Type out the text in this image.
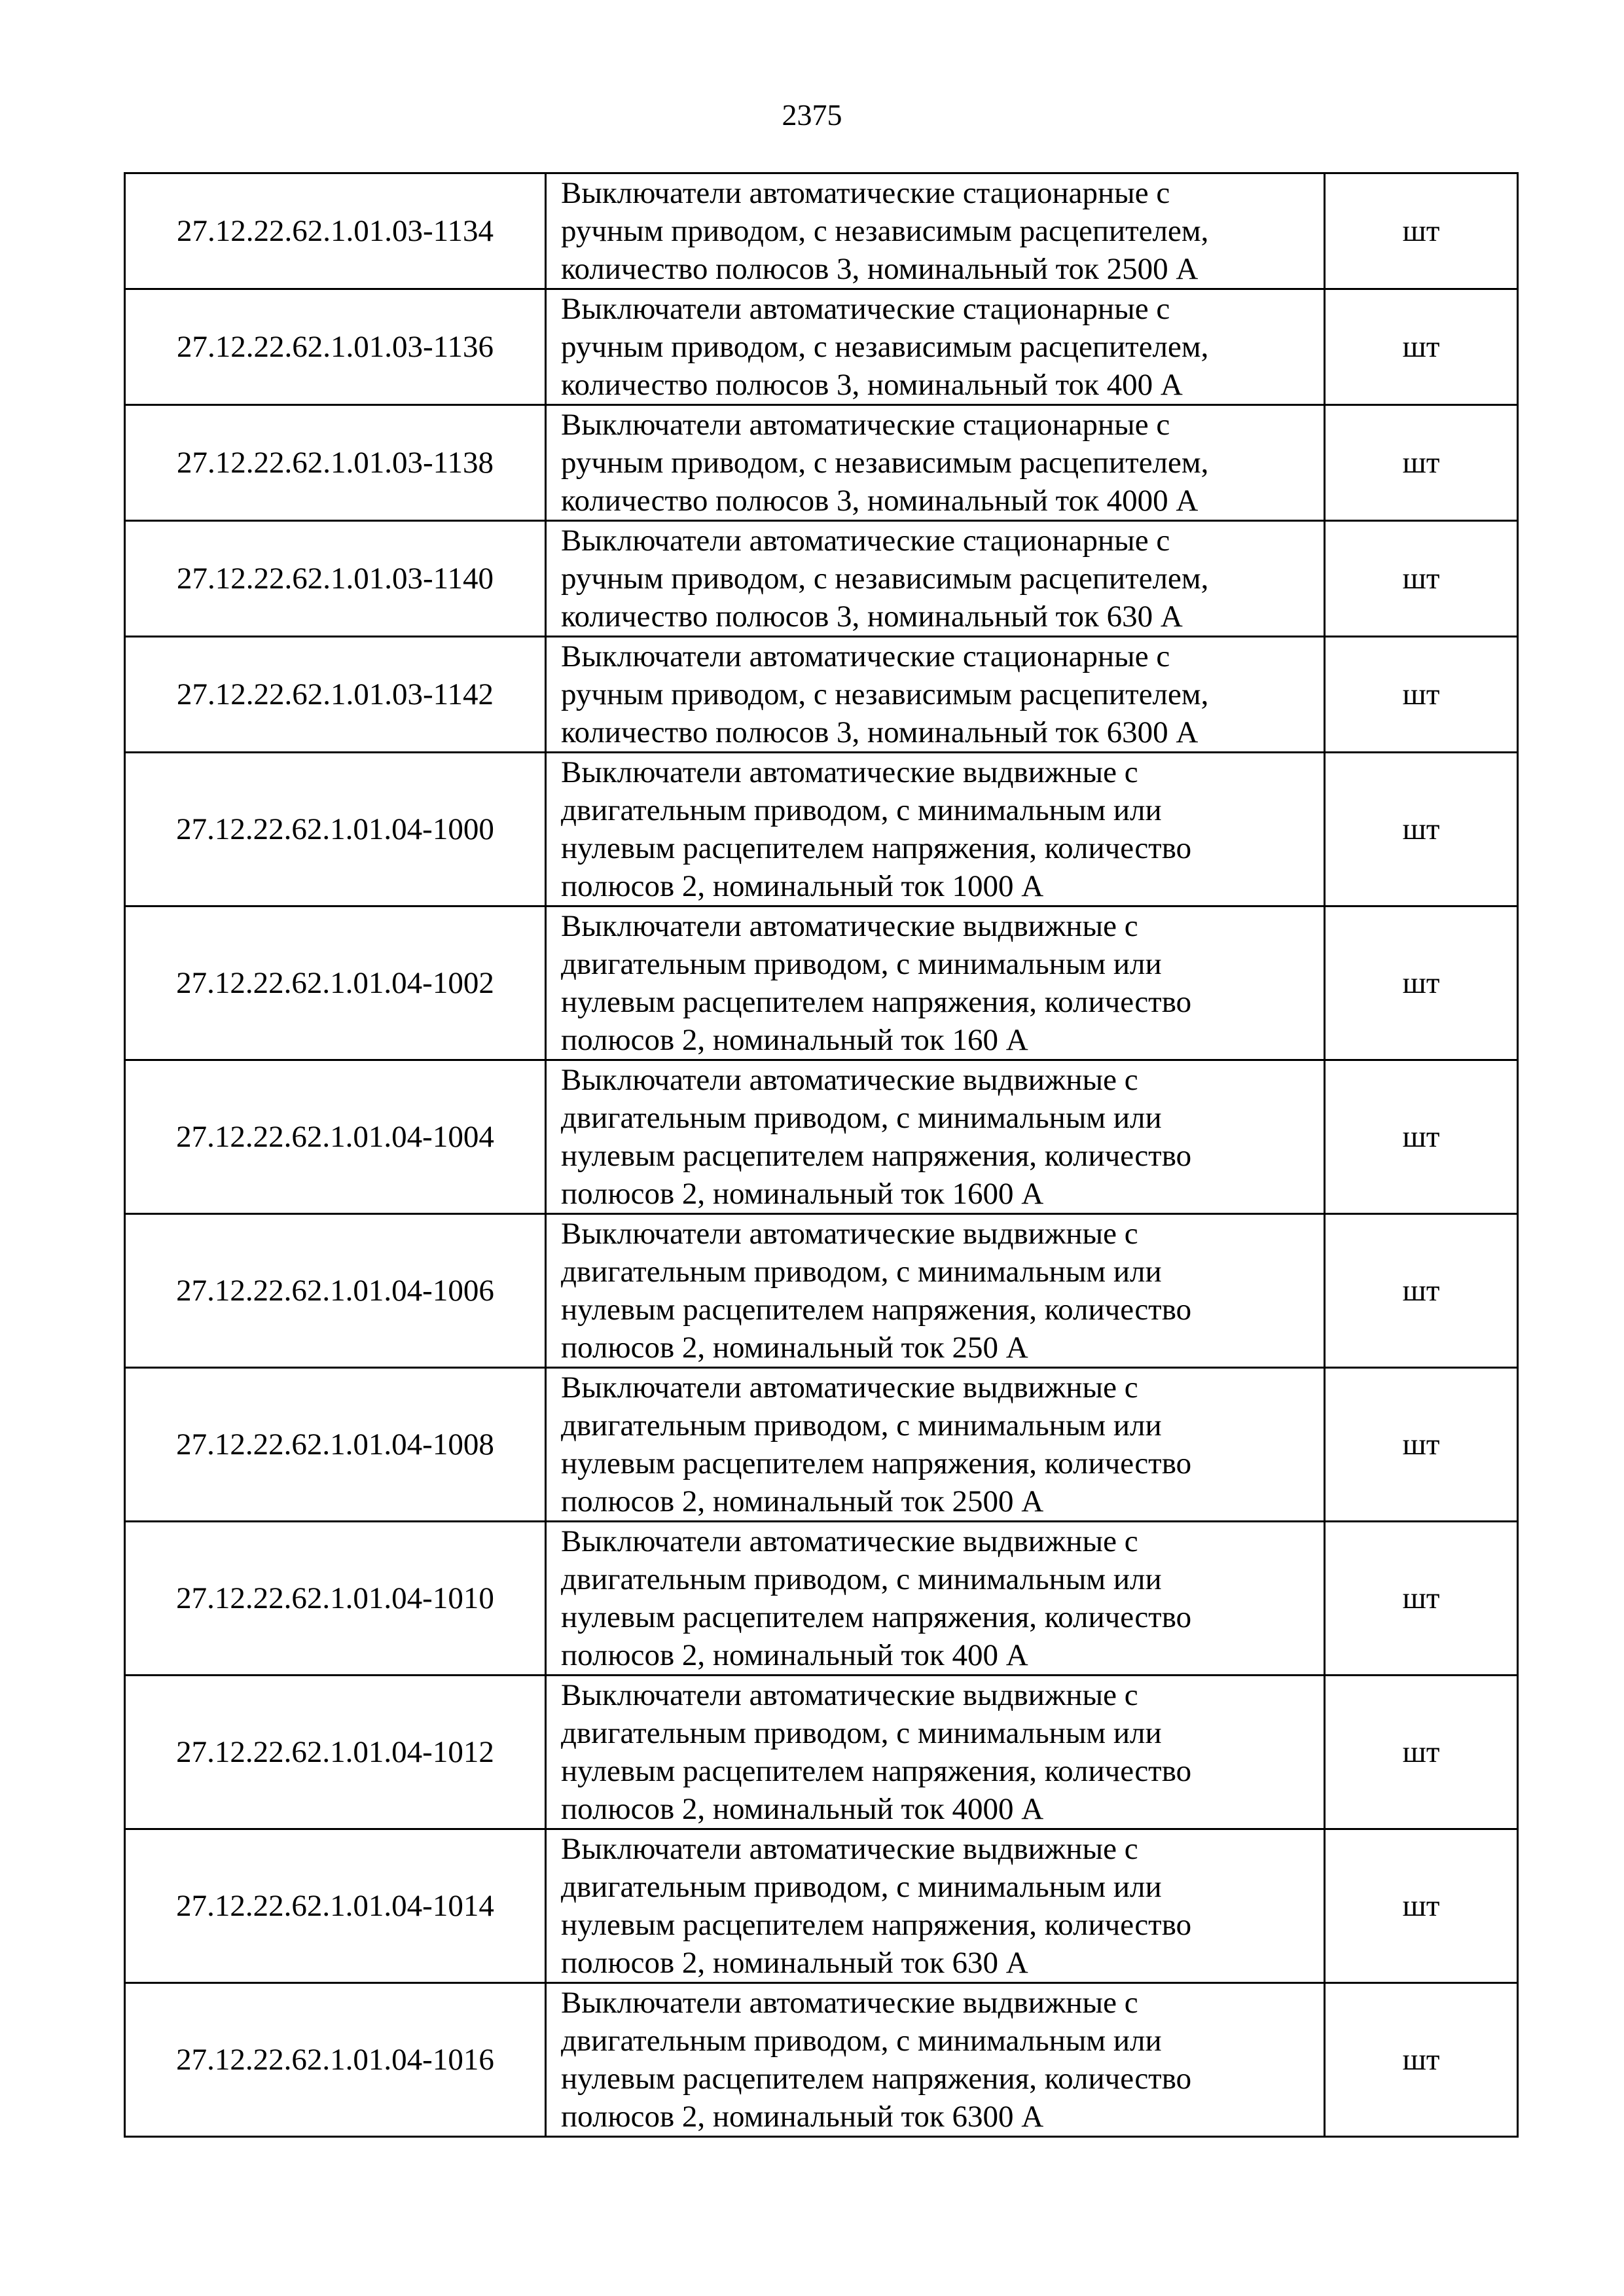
2375
27.12.22.62.1.01.03-1134	Выключатели автоматические стационарные с
ручным приводом, с независимым расцепителем,
количество полюсов 3, номинальный ток 2500 А	шт
27.12.22.62.1.01.03-1136	Выключатели автоматические стационарные с
ручным приводом, с независимым расцепителем,
количество полюсов 3, номинальный ток 400 А	шт
27.12.22.62.1.01.03-1138	Выключатели автоматические стационарные с
ручным приводом, с независимым расцепителем,
количество полюсов 3, номинальный ток 4000 А	шт
27.12.22.62.1.01.03-1140	Выключатели автоматические стационарные с
ручным приводом, с независимым расцепителем,
количество полюсов 3, номинальный ток 630 А	шт
27.12.22.62.1.01.03-1142	Выключатели автоматические стационарные с
ручным приводом, с независимым расцепителем,
количество полюсов 3, номинальный ток 6300 А	шт
27.12.22.62.1.01.04-1000	Выключатели автоматические выдвижные с
двигательным приводом, с минимальным или
нулевым расцепителем напряжения, количество
полюсов 2, номинальный ток 1000 А	шт
27.12.22.62.1.01.04-1002	Выключатели автоматические выдвижные с
двигательным приводом, с минимальным или
нулевым расцепителем напряжения, количество
полюсов 2, номинальный ток 160 А	шт
27.12.22.62.1.01.04-1004	Выключатели автоматические выдвижные с
двигательным приводом, с минимальным или
нулевым расцепителем напряжения, количество
полюсов 2, номинальный ток 1600 А	шт
27.12.22.62.1.01.04-1006	Выключатели автоматические выдвижные с
двигательным приводом, с минимальным или
нулевым расцепителем напряжения, количество
полюсов 2, номинальный ток 250 А	шт
27.12.22.62.1.01.04-1008	Выключатели автоматические выдвижные с
двигательным приводом, с минимальным или
нулевым расцепителем напряжения, количество
полюсов 2, номинальный ток 2500 А	шт
27.12.22.62.1.01.04-1010	Выключатели автоматические выдвижные с
двигательным приводом, с минимальным или
нулевым расцепителем напряжения, количество
полюсов 2, номинальный ток 400 А	шт
27.12.22.62.1.01.04-1012	Выключатели автоматические выдвижные с
двигательным приводом, с минимальным или
нулевым расцепителем напряжения, количество
полюсов 2, номинальный ток 4000 А	шт
27.12.22.62.1.01.04-1014	Выключатели автоматические выдвижные с
двигательным приводом, с минимальным или
нулевым расцепителем напряжения, количество
полюсов 2, номинальный ток 630 А	шт
27.12.22.62.1.01.04-1016	Выключатели автоматические выдвижные с
двигательным приводом, с минимальным или
нулевым расцепителем напряжения, количество
полюсов 2, номинальный ток 6300 А	шт
